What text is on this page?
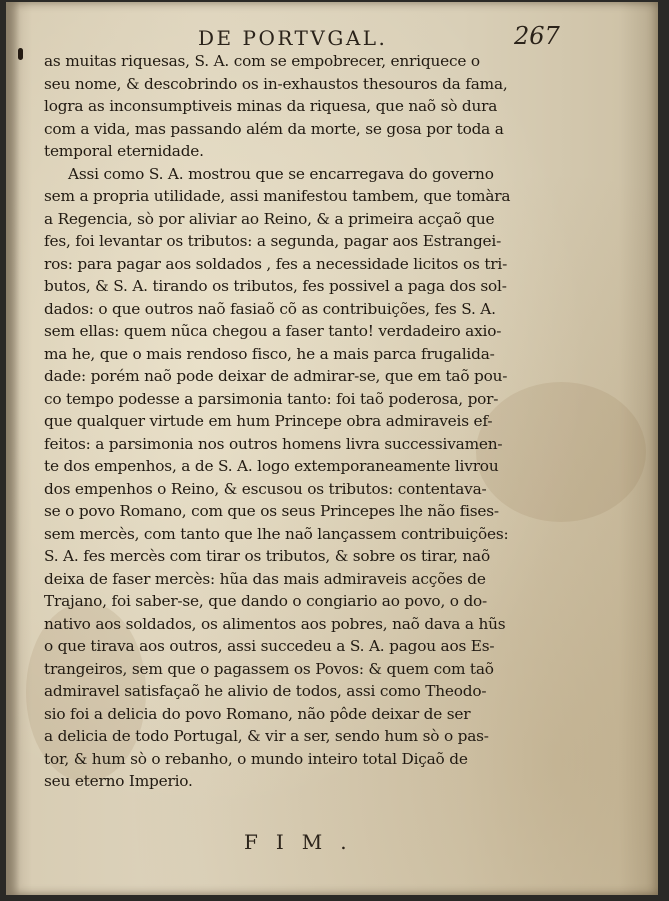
DE PORTVGAL.	267
as muitas riquesas, S. A. com se empobrecer, enriquece o
seu nome, & descobrindo os in-exhaustos thesouros da fama,
logra as inconsumptiveis minas da riquesa, que naõ sò dura
com a vida, mas passando além da morte, se gosa por toda a
temporal eternidade.
Assi como S. A. mostrou que se encarregava do governo
sem a propria utilidade, assi manifestou tambem, que tomàra
a Regencia, sò por aliviar ao Reino, & a primeira acçaõ que
fes, foi levantar os tributos: a segunda, pagar aos Estrangei-
ros: para pagar aos soldados , fes a necessidade licitos os tri-
butos, & S. A. tirando os tributos, fes possivel a paga dos sol-
dados: o que outros naõ fasiaõ cõ as contribuições, fes S. A.
sem ellas: quem nũca chegou a faser tanto! verdadeiro axio-
ma he, que o mais rendoso fisco, he a mais parca frugalida-
dade: porém naõ pode deixar de admirar-se, que em taõ pou-
co tempo podesse a parsimonia tanto: foi taõ poderosa, por-
que qualquer virtude em hum Princepe obra admiraveis ef-
feitos: a parsimonia nos outros homens livra successivamen-
te dos empenhos, a de S. A. logo extemporaneamente livrou
dos empenhos o Reino, & escusou os tributos: contentava-
se o povo Romano, com que os seus Princepes lhe não fises-
sem mercès, com tanto que lhe naõ lançassem contribuições:
S. A. fes mercès com tirar os tributos, & sobre os tirar, naõ
deixa de faser mercès: hũa das mais admiraveis acções de
Trajano, foi saber-se, que dando o congiario ao povo, o do-
nativo aos soldados, os alimentos aos pobres, naõ dava a hũs
o que tirava aos outros, assi succedeu a S. A. pagou aos Es-
trangeiros, sem que o pagassem os Povos: & quem com taõ
admiravel satisfaçaõ he alivio de todos, assi como Theodo-
sio foi a delicia do povo Romano, não pôde deixar de ser
a delicia de todo Portugal, & vir a ser, sendo hum sò o pas-
tor, & hum sò o rebanho, o mundo inteiro total Diçaõ de
seu eterno Imperio.
FIM.
